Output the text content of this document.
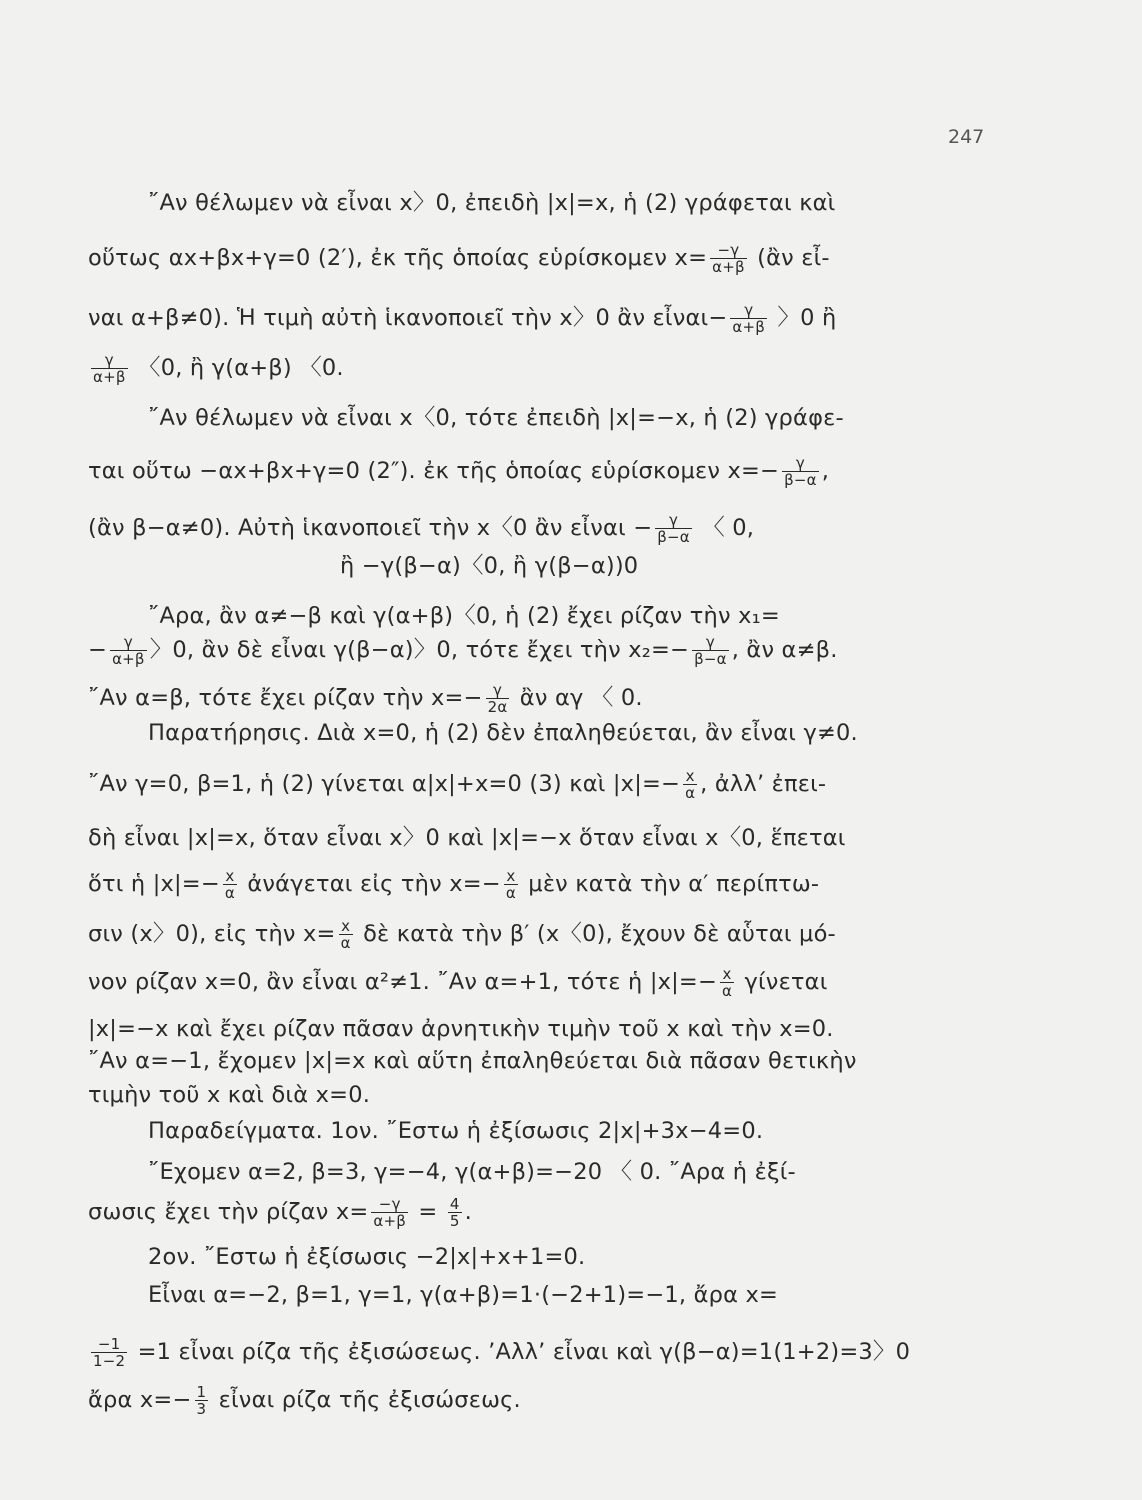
247
῎Αν θέλωμεν νὰ εἶναι x〉0, ἐπειδὴ |x|=x, ἡ (2) γράφεται καὶ
οὕτως αx+βx+γ=0 (2′), ἐκ τῆς ὁποίας εὑρίσκομεν $x= \frac{-\gamma}{\alpha+\beta}$ (ἂν εἶ-
ναι α+β≠0). Ἡ τιμὴ αὐτὴ ἱκανοποιεῖ τὴν x〉0 ἂν εἶναι− $\frac{\gamma}{\alpha+\beta}$ 〉0 ἢ
$\frac{\gamma}{\alpha+\beta}$ 〈0, ἢ γ(α+β) 〈0.
῎Αν θέλωμεν νὰ εἶναι x〈0, τότε ἐπειδὴ |x|=−x, ἡ (2) γράφε-
ται οὕτω −αx+βx+γ=0 (2″). ἐκ τῆς ὁποίας εὑρίσκομεν $x=- \frac{\gamma}{\beta-\alpha}$ ,
(ἂν β−α≠0). Αὐτὴ ἱκανοποιεῖ τὴν x〈0 ἂν εἶναι − $\frac{\gamma}{\beta-\alpha}$ 〈 0,
ἢ −γ(β−α)〈0, ἢ γ(β−α))0
῎Αρα, ἂν α≠−β καὶ γ(α+β)〈0, ἡ (2) ἔχει ρίζαν τὴν x₁=
− $\frac{\gamma}{\alpha+\beta}$ 〉0, ἂν δὲ εἶναι γ(β−α)〉0, τότε ἔχει τὴν $x_2=- \frac{\gamma}{\beta-\alpha}$ , ἂν α≠β.
῎Αν α=β, τότε ἔχει ρίζαν τὴν $x=- \frac{\gamma}{2\alpha}$ ἂν αγ 〈 0.
Παρατήρησις. Διὰ x=0, ἡ (2) δὲν ἐπαληθεύεται, ἂν εἶναι γ≠0.
῎Αν γ=0, β=1, ἡ (2) γίνεται α|x|+x=0 (3) καὶ $|x|=- \frac{x}{\alpha}$ , ἀλλ’ ἐπει-
δὴ εἶναι |x|=x, ὅταν εἶναι x〉0 καὶ |x|=−x ὅταν εἶναι x〈0, ἕπεται
ὅτι ἡ $|x|=- \frac{x}{\alpha}$ ἀνάγεται εἰς τὴν $x=- \frac{x}{\alpha}$ μὲν κατὰ τὴν α′ περίπτω-
σιν (x〉0), εἰς τὴν $x= \frac{x}{\alpha}$ δὲ κατὰ τὴν β′ (x〈0), ἔχουν δὲ αὗται μό-
νον ρίζαν x=0, ἂν εἶναι α²≠1. ῎Αν α=+1, τότε ἡ $|x|=- \frac{x}{\alpha}$ γίνεται
|x|=−x καὶ ἔχει ρίζαν πᾶσαν ἀρνητικὴν τιμὴν τοῦ x καὶ τὴν x=0.
῎Αν α=−1, ἔχομεν |x|=x καὶ αὕτη ἐπαληθεύεται διὰ πᾶσαν θετικὴν
τιμὴν τοῦ x καὶ διὰ x=0.
Παραδείγματα. 1ον. ῎Εστω ἡ ἐξίσωσις 2|x|+3x−4=0.
῎Εχομεν α=2, β=3, γ=−4, γ(α+β)=−20 〈 0. ῎Αρα ἡ ἐξί-
σωσις ἔχει τὴν ρίζαν $x= \frac{-\gamma}{\alpha+\beta} = \frac{4}{5}$ .
2ον. ῎Εστω ἡ ἐξίσωσις −2|x|+x+1=0.
Εἶναι α=−2, β=1, γ=1, γ(α+β)=1·(−2+1)=−1, ἄρα x=
$\frac{-1}{1-2} =1$ εἶναι ρίζα τῆς ἐξισώσεως. ’Αλλ’ εἶναι καὶ γ(β−α)=1(1+2)=3〉0
ἄρα $x=- \frac{1}{3}$ εἶναι ρίζα τῆς ἐξισώσεως.
